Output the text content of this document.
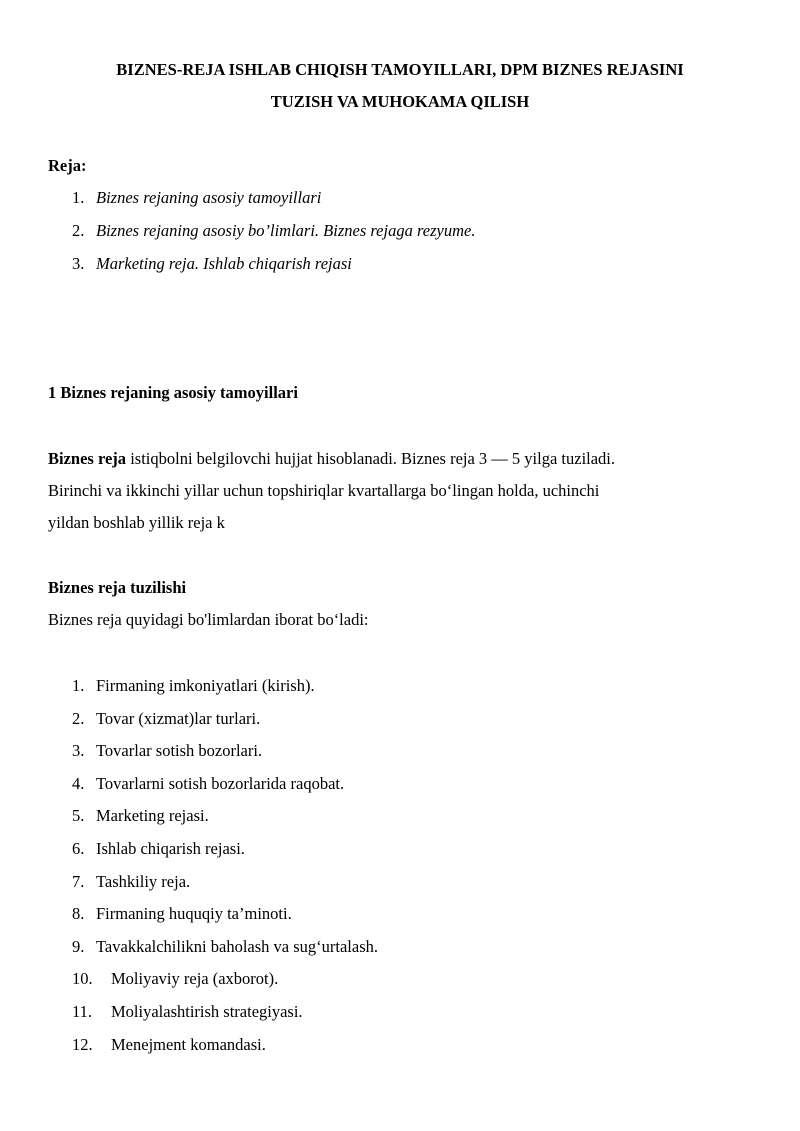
BIZNES-REJA ISHLAB CHIQISH TAMOYILLARI, DPM BIZNES REJASINI
TUZISH VA MUHOKAMA QILISH
Reja:
1. Biznes rejaning asosiy tamoyillari
2. Biznes rejaning asosiy bo’limlari. Biznes rejaga rezyume.
3. Marketing reja. Ishlab chiqarish rejasi
1 Biznes rejaning asosiy tamoyillari
Biznes reja istiqbolni belgilovchi hujjat hisoblanadi. Biznes reja 3 — 5 yilga tuziladi.
Birinchi va ikkinchi yillar uchun topshiriqlar kvartallarga bo‘lingan holda, uchinchi
yildan boshlab yillik reja k
Biznes reja tuzilishi
Biznes reja quyidagi bo'limlardan iborat bo‘ladi:
1. Firmaning imkoniyatlari (kirish).
2. Tovar (xizmat)lar turlari.
3. Tovarlar sotish bozorlari.
4. Tovarlarni sotish bozorlarida raqobat.
5. Marketing rejasi.
6. Ishlab chiqarish rejasi.
7. Tashkiliy reja.
8. Firmaning huquqiy ta’minoti.
9. Tavakkalchilikni baholash va sug‘urtalash.
10. Moliyaviy reja (axborot).
11. Moliyalashtirish strategiyasi.
12. Menejment komandasi.
